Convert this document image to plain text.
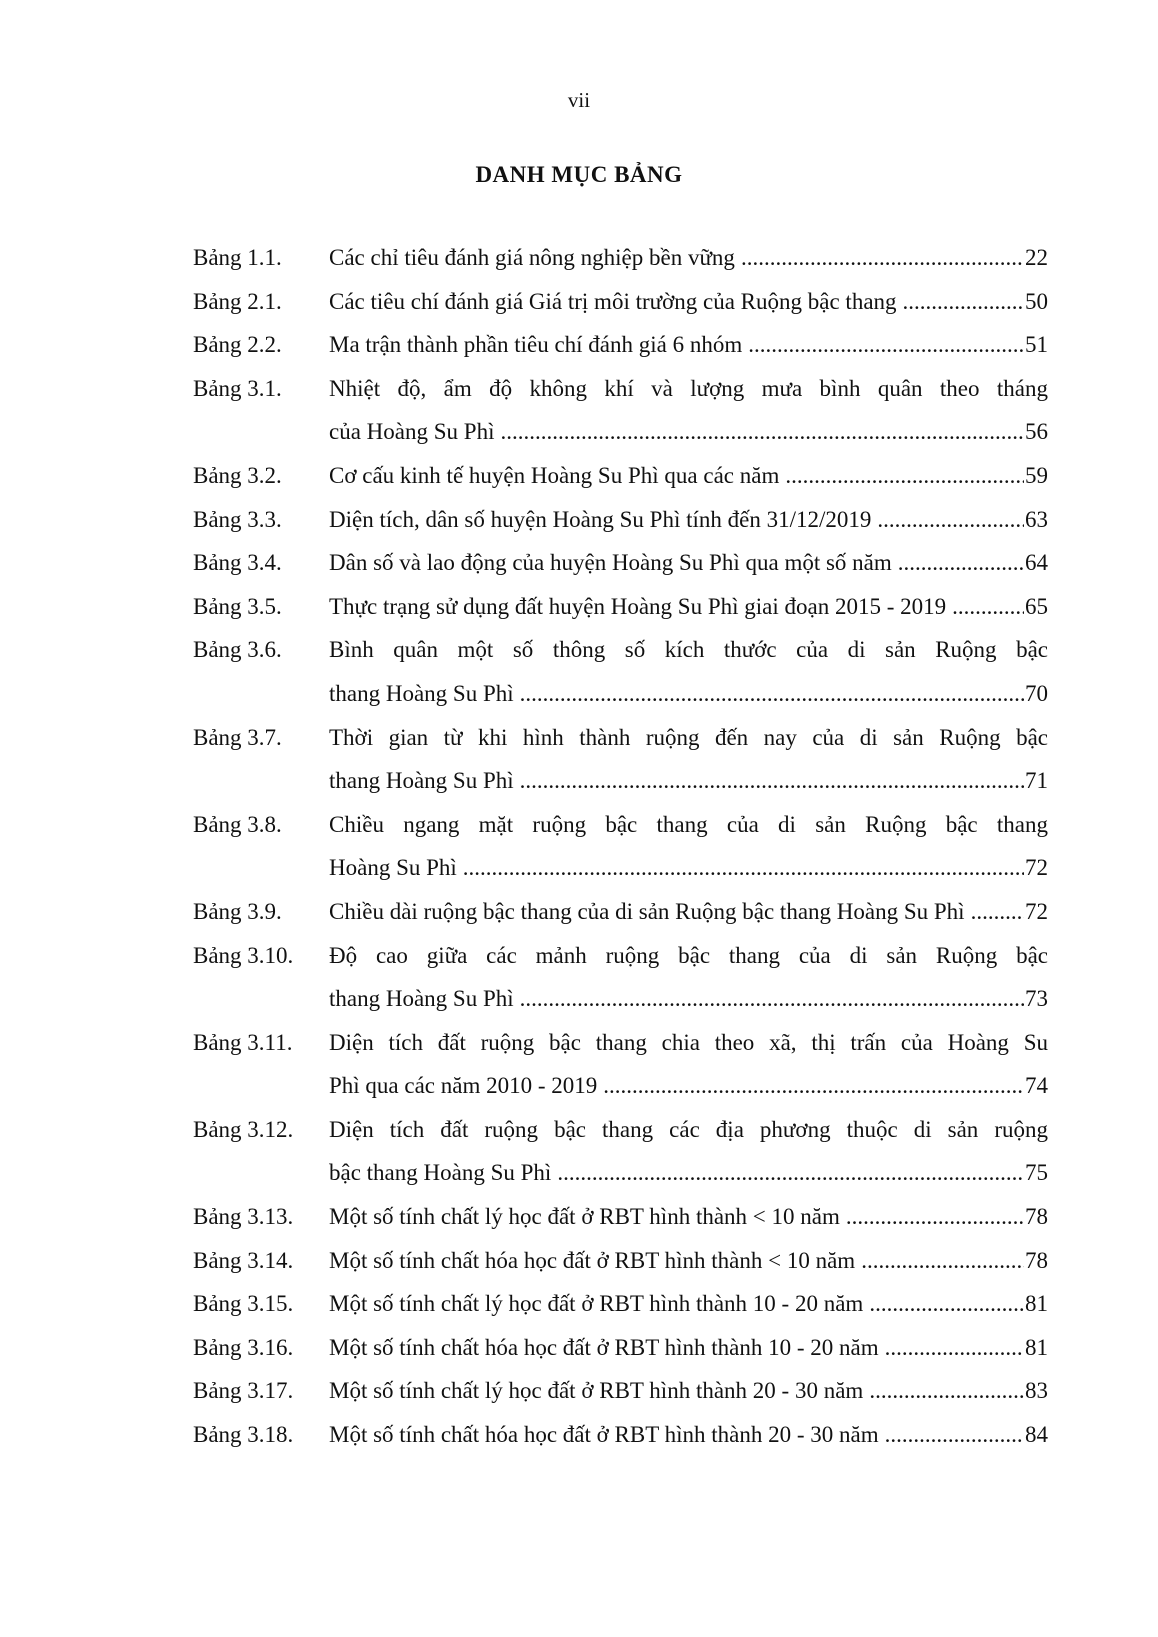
vii
DANH MỤC BẢNG
Bảng 1.1.	Các chỉ tiêu đánh giá nông nghiệp bền vững .....	22
Bảng 2.1.	Các tiêu chí đánh giá Giá trị môi trường của Ruộng bậc thang .....	50
Bảng 2.2.	Ma trận thành phần tiêu chí đánh giá 6 nhóm .....	51
Bảng 3.1.	Nhiệt độ, ẩm độ không khí và lượng mưa bình quân theo tháng
của Hoàng Su Phì .....	56
Bảng 3.2.	Cơ cấu kinh tế huyện Hoàng Su Phì qua các năm .....	59
Bảng 3.3.	Diện tích, dân số huyện Hoàng Su Phì tính đến 31/12/2019 .....	63
Bảng 3.4.	Dân số và lao động của huyện Hoàng Su Phì qua một số năm .....	64
Bảng 3.5.	Thực trạng sử dụng đất huyện Hoàng Su Phì giai đoạn 2015 - 2019 .....	65
Bảng 3.6.	Bình quân một số thông số kích thước của di sản Ruộng bậc
thang Hoàng Su Phì .....	70
Bảng 3.7.	Thời gian từ khi hình thành ruộng đến nay của di sản Ruộng bậc
thang Hoàng Su Phì .....	71
Bảng 3.8.	Chiều ngang mặt ruộng bậc thang của di sản Ruộng bậc thang
Hoàng Su Phì .....	72
Bảng 3.9.	Chiều dài ruộng bậc thang của di sản Ruộng bậc thang Hoàng Su Phì .....	72
Bảng 3.10.	Độ cao giữa các mảnh ruộng bậc thang của di sản Ruộng bậc
thang Hoàng Su Phì .....	73
Bảng 3.11.	Diện tích đất ruộng bậc thang chia theo xã, thị trấn của Hoàng Su
Phì qua các năm 2010 - 2019 .....	74
Bảng 3.12.	Diện tích đất ruộng bậc thang các địa phương thuộc di sản ruộng
bậc thang Hoàng Su Phì .....	75
Bảng 3.13.	Một số tính chất lý học đất ở RBT hình thành < 10 năm .....	78
Bảng 3.14.	Một số tính chất hóa học đất ở RBT hình thành < 10 năm .....	78
Bảng 3.15.	Một số tính chất lý học đất ở RBT hình thành 10 - 20 năm .....	81
Bảng 3.16.	Một số tính chất hóa học đất ở RBT hình thành 10 - 20 năm .....	81
Bảng 3.17.	Một số tính chất lý học đất ở RBT hình thành 20 - 30 năm .....	83
Bảng 3.18.	Một số tính chất hóa học đất ở RBT hình thành 20 - 30 năm .....	84
